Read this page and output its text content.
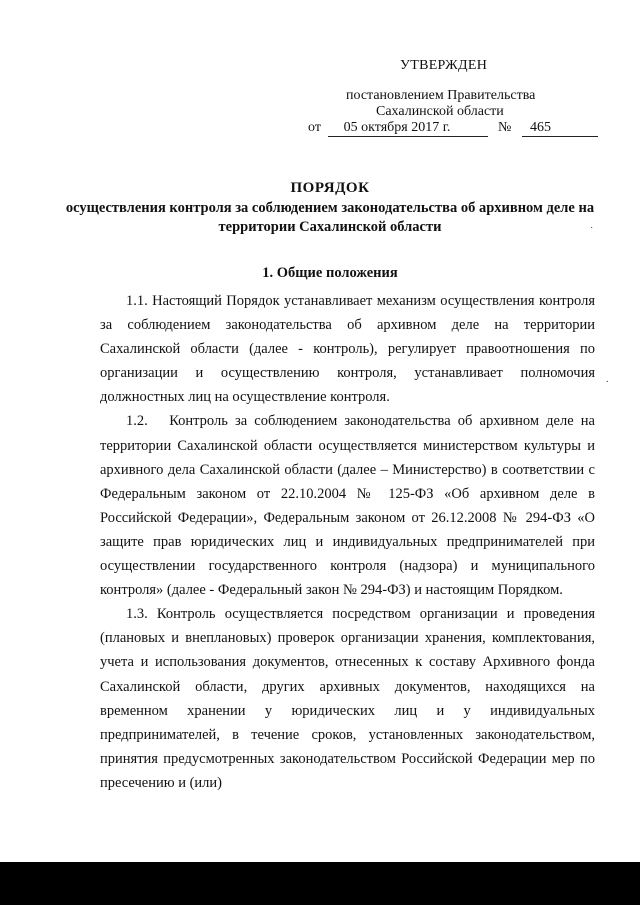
УТВЕРЖДЕН
постановлением Правительства
Сахалинской области
от	05 октября 2017 г.	№ 465
ПОРЯДОК
осуществления контроля за соблюдением законодательства об архивном деле на территории Сахалинской области
1. Общие положения

1.1. Настоящий Порядок устанавливает механизм осуществления контроля за соблюдением законодательства об архивном деле на территории Сахалинской области (далее - контроль), регулирует правоотношения по организации и осуществлению контроля, устанавливает полномочия должностных лиц на осуществление контроля.

1.2.   Контроль за соблюдением законодательства об архивном деле на территории Сахалинской области осуществляется министерством культуры и архивного дела Сахалинской области (далее – Министерство) в соответствии с Федеральным законом от 22.10.2004 № 125-ФЗ «Об архивном деле в Российской Федерации», Федеральным законом от 26.12.2008 № 294-ФЗ «О защите прав юридических лиц и индивидуальных предпринимателей при осуществлении государственного контроля (надзора) и муниципального контроля» (далее - Федеральный закон № 294-ФЗ) и настоящим Порядком.

1.3. Контроль осуществляется посредством организации и проведения (плановых и внеплановых) проверок организации хранения, комплектования, учета и использования документов, отнесенных к составу Архивного фонда Сахалинской области, других архивных документов, находящихся на временном хранении у юридических лиц и у индивидуальных предпринимателей, в течение сроков, установленных законодательством, принятия предусмотренных законодательством Российской Федерации мер по пресечению и (или)

˙
.
